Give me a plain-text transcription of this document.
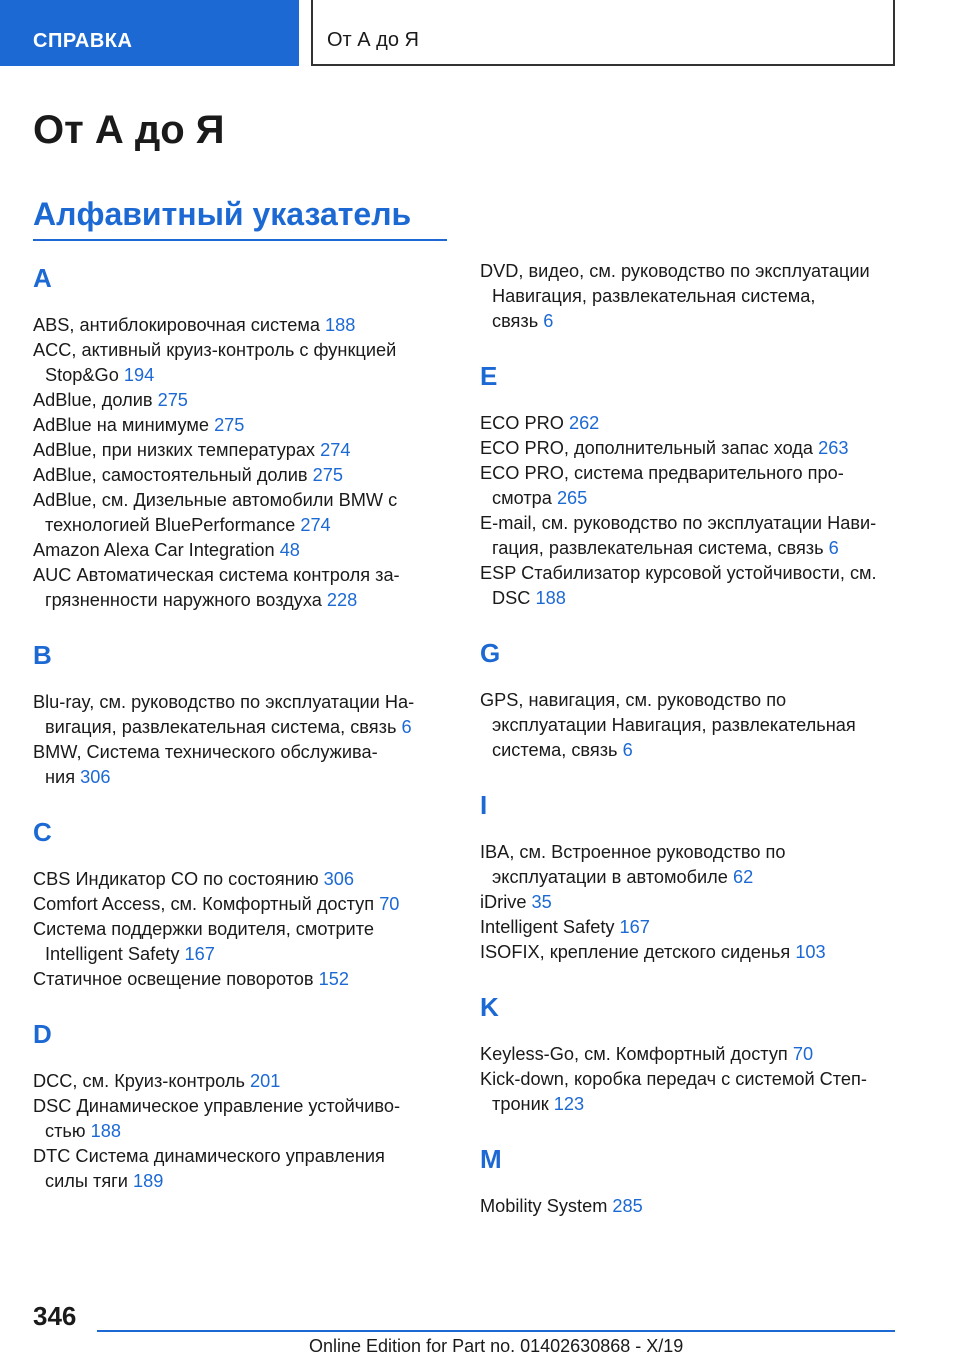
СПРАВКА	От А до Я
От А до Я
Алфавитный указатель
A
ABS, антиблокировочная система 188
ACC, активный круиз-контроль с функцией
Stop&Go 194
AdBlue, долив 275
AdBlue на минимуме 275
AdBlue, при низких температурах 274
AdBlue, самостоятельный долив 275
AdBlue, см. Дизельные автомобили BMW с
технологией BluePerformance 274
Amazon Alexa Car Integration 48
AUC Автоматическая система контроля за-
грязненности наружного воздуха 228
B
Blu-ray, см. руководство по эксплуатации На-
вигация, развлекательная система, связь 6
BMW, Система технического обслужива-
ния 306
C
CBS Индикатор CO по состоянию 306
Comfort Access, см. Комфортный доступ 70
Система поддержки водителя, смотрите
Intelligent Safety 167
Статичное освещение поворотов 152
D
DCC, см. Круиз-контроль 201
DSC Динамическое управление устойчиво-
стью 188
DTC Система динамического управления
силы тяги 189
DVD, видео, см. руководство по эксплуатации
Навигация, развлекательная система,
связь 6
E
ECO PRO 262
ECO PRO, дополнительный запас хода 263
ECO PRO, система предварительного про-
смотра 265
E-mail, см. руководство по эксплуатации Нави-
гация, развлекательная система, связь 6
ESP Стабилизатор курсовой устойчивости, см.
DSC 188
G
GPS, навигация, см. руководство по
эксплуатации Навигация, развлекательная
система, связь 6
I
IBA, см. Встроенное руководство по
эксплуатации в автомобиле 62
iDrive 35
Intelligent Safety 167
ISOFIX, крепление детского сиденья 103
K
Keyless-Go, см. Комфортный доступ 70
Kick-down, коробка передач с системой Степ-
троник 123
M
Mobility System 285
346
Online Edition for Part no. 01402630868 - X/19
